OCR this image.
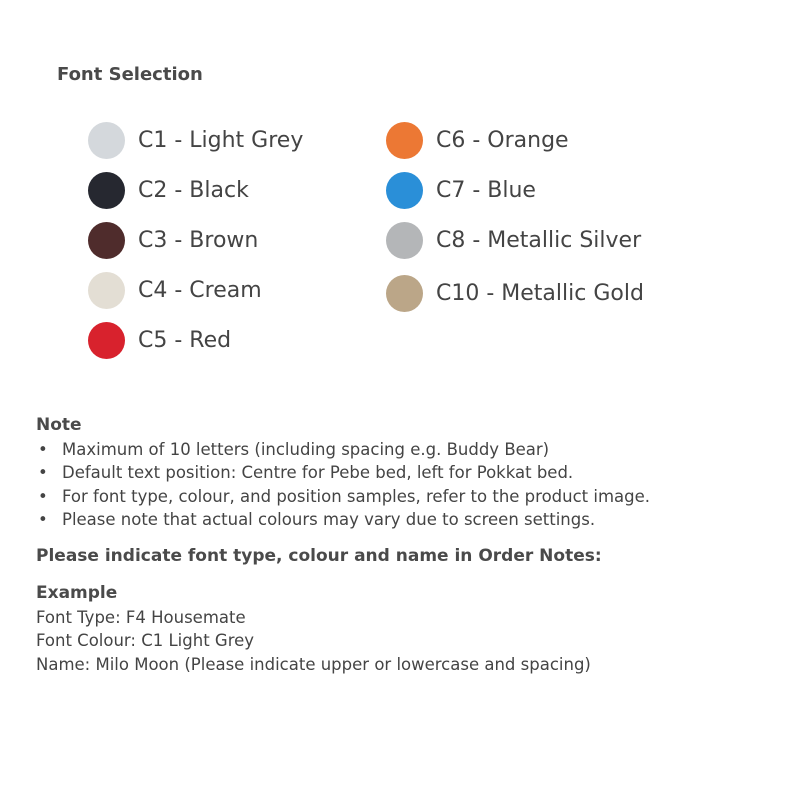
Font Selection
C1 - Light Grey
C2 - Black
C3 - Brown
C4 - Cream
C5 - Red
C6 - Orange
C7 - Blue
C8 - Metallic Silver
C10 - Metallic Gold
Note
• Maximum of 10 letters (including spacing e.g. Buddy Bear)
• Default text position: Centre for Pebe bed, left for Pokkat bed.
• For font type, colour, and position samples, refer to the product image.
• Please note that actual colours may vary due to screen settings.
Please indicate font type, colour and name in Order Notes:
Example
Font Type: F4 Housemate
Font Colour: C1 Light Grey
Name: Milo Moon (Please indicate upper or lowercase and spacing)
